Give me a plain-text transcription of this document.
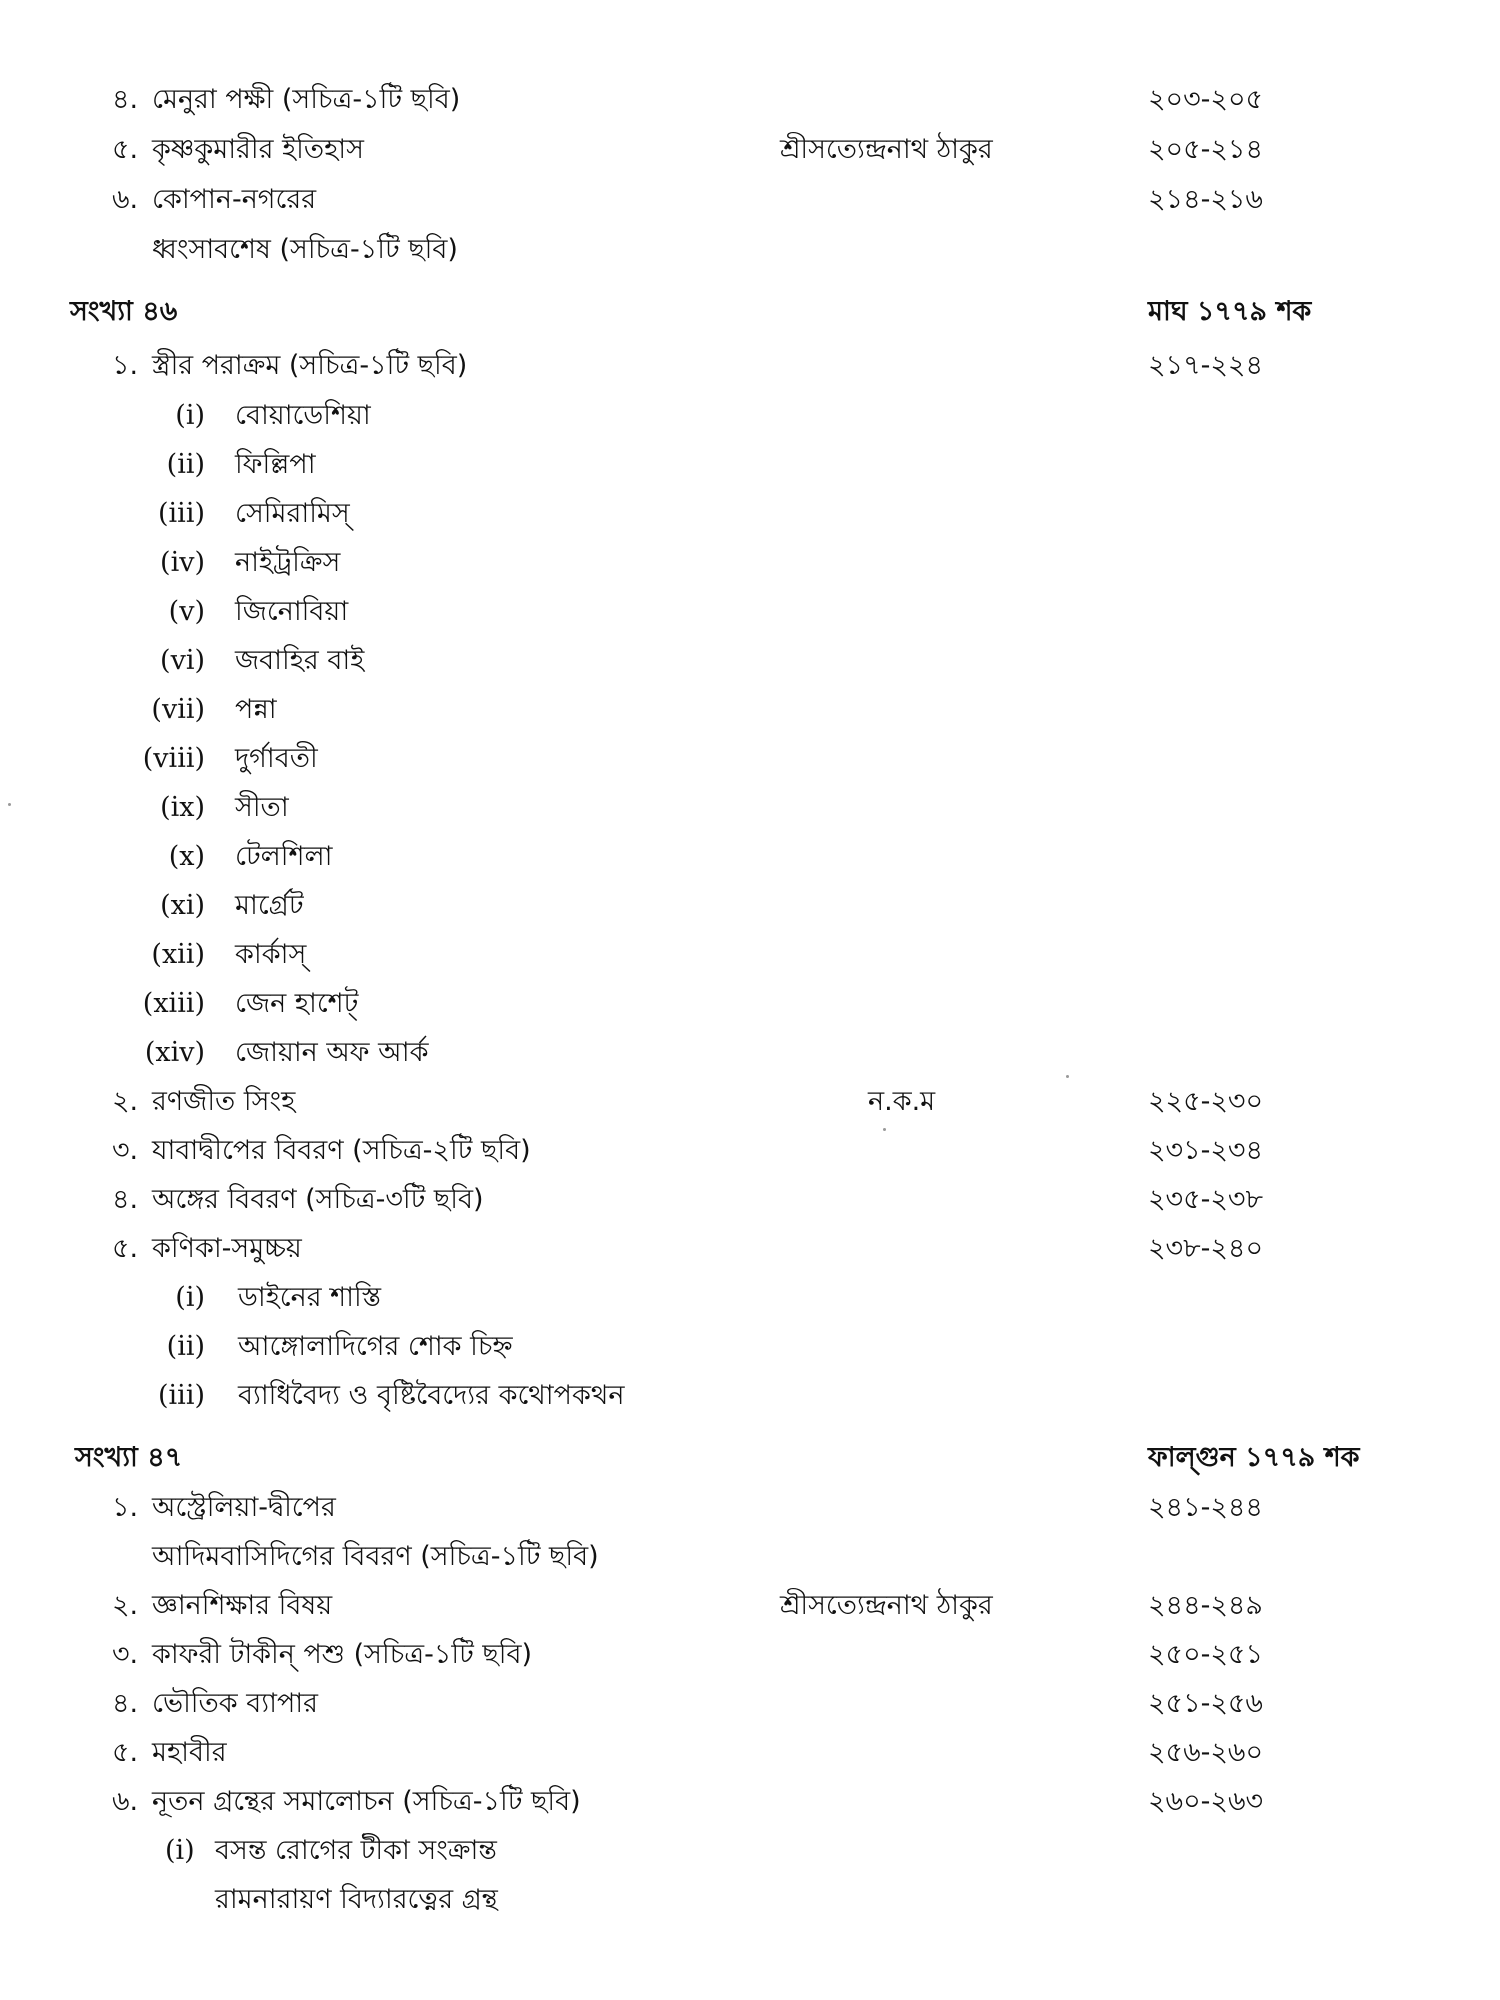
৪. মেনুরা পক্ষী (সচিত্র-১টি ছবি)	২০৩-২০৫
৫. কৃষ্ণকুমারীর ইতিহাস	শ্রীসত্যেন্দ্রনাথ ঠাকুর	২০৫-২১৪
৬. কোপান-নগরের	২১৪-২১৬
ধ্বংসাবশেষ (সচিত্র-১টি ছবি)
সংখ্যা ৪৬	মাঘ ১৭৭৯ শক
১. স্ত্রীর পরাক্রম (সচিত্র-১টি ছবি)	২১৭-২২৪
(i) বোয়াডেশিয়া
(ii) ফিল্লিপা
(iii) সেমিরামিস্
(iv) নাইট্রক্রিস
(v) জিনোবিয়া
(vi) জবাহির বাই
(vii) পন্না
(viii) দুর্গাবতী
(ix) সীতা
(x) টেলশিলা
(xi) মার্গ্রেট
(xii) কার্কাস্
(xiii) জেন হাশেট্
(xiv) জোয়ান অফ আর্ক
২. রণজীত সিংহ	ন.ক.ম	২২৫-২৩০
৩. যাবাদ্বীপের বিবরণ (সচিত্র-২টি ছবি)	২৩১-২৩৪
৪. অঙ্গের বিবরণ (সচিত্র-৩টি ছবি)	২৩৫-২৩৮
৫. কণিকা-সমুচ্চয়	২৩৮-২৪০
(i) ডাইনের শাস্তি
(ii) আঙ্গোলাদিগের শোক চিহ্ন
(iii) ব্যাধিবৈদ্য ও বৃষ্টিবৈদ্যের কথোপকথন
সংখ্যা ৪৭	ফাল্গুন ১৭৭৯ শক
১. অস্ট্রেলিয়া-দ্বীপের	২৪১-২৪৪
আদিমবাসিদিগের বিবরণ (সচিত্র-১টি ছবি)
২. জ্ঞানশিক্ষার বিষয়	শ্রীসত্যেন্দ্রনাথ ঠাকুর	২৪৪-২৪৯
৩. কাফরী টাকীন্ পশু (সচিত্র-১টি ছবি)	২৫০-২৫১
৪. ভৌতিক ব্যাপার	২৫১-২৫৬
৫. মহাবীর	২৫৬-২৬০
৬. নূতন গ্রন্থের সমালোচন (সচিত্র-১টি ছবি)	২৬০-২৬৩
(i) বসন্ত রোগের টীকা সংক্রান্ত
রামনারায়ণ বিদ্যারত্নের গ্রন্থ
